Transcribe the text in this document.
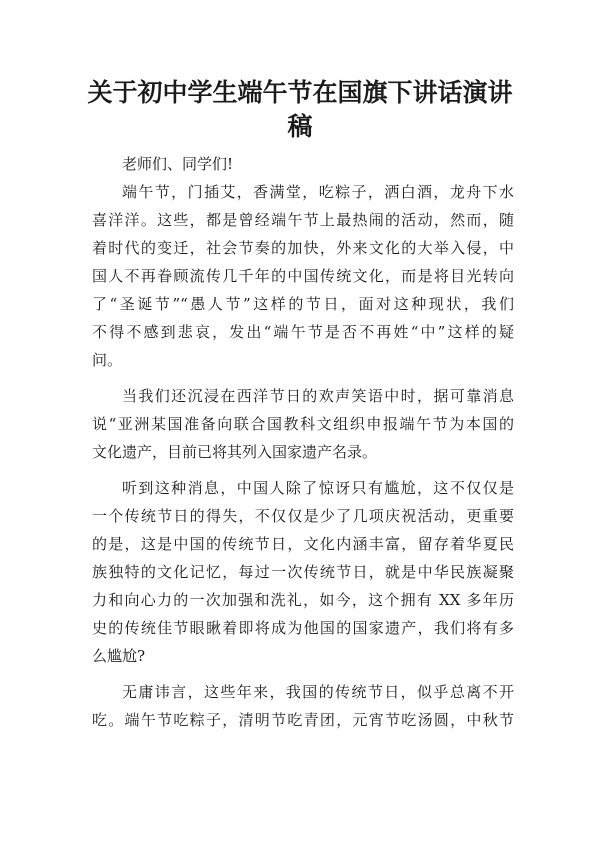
关于初中学生端午节在国旗下讲话演讲
稿
老师们、同学们!
端午节，门插艾，香满堂，吃粽子，洒白酒，龙舟下水
喜洋洋。这些，都是曾经端午节上最热闹的活动，然而，随
着时代的变迁，社会节奏的加快，外来文化的大举入侵，中
国人不再眷顾流传几千年的中国传统文化，而是将目光转向
了“圣诞节”“愚人节”这样的节日，面对这种现状，我们
不得不感到悲哀，发出“端午节是否不再姓“中”这样的疑
问。
当我们还沉浸在西洋节日的欢声笑语中时，据可靠消息
说“亚洲某国准备向联合国教科文组织申报端午节为本国的
文化遗产，目前已将其列入国家遗产名录。
听到这种消息，中国人除了惊讶只有尴尬，这不仅仅是
一个传统节日的得失，不仅仅是少了几项庆祝活动，更重要
的是，这是中国的传统节日，文化内涵丰富，留存着华夏民
族独特的文化记忆，每过一次传统节日，就是中华民族凝聚
力和向心力的一次加强和洗礼，如今，这个拥有 XX 多年历
史的传统佳节眼瞅着即将成为他国的国家遗产，我们将有多
么尴尬?
无庸讳言，这些年来，我国的传统节日，似乎总离不开
吃。端午节吃粽子，清明节吃青团，元宵节吃汤圆，中秋节
